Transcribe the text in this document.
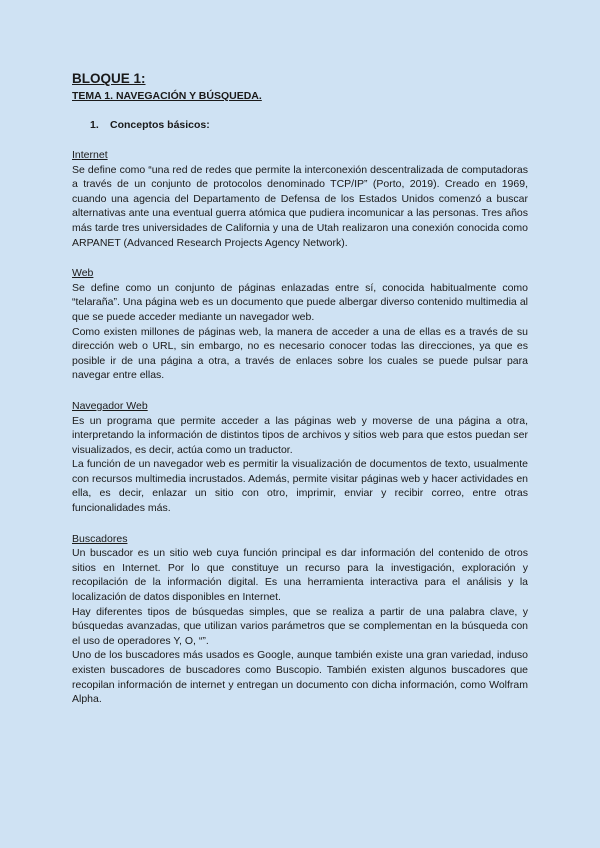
BLOQUE 1:
TEMA 1. NAVEGACIÓN Y BÚSQUEDA.
1. Conceptos básicos:
Internet

Se define como “una red de redes que permite la interconexión descentralizada de computadoras a través de un conjunto de protocolos denominado TCP/IP” (Porto, 2019). Creado en 1969, cuando una agencia del Departamento de Defensa de los Estados Unidos comenzó a buscar alternativas ante una eventual guerra atómica que pudiera incomunicar a las personas. Tres años más tarde tres universidades de California y una de Utah realizaron una conexión conocida como ARPANET (Advanced Research Projects Agency Network).

Web

Se define como un conjunto de páginas enlazadas entre sí, conocida habitualmente como “telaraña”. Una página web es un documento que puede albergar diverso contenido multimedia al que se puede acceder mediante un navegador web.

Como existen millones de páginas web, la manera de acceder a una de ellas es a través de su dirección web o URL, sin embargo, no es necesario conocer todas las direcciones, ya que es posible ir de una página a otra, a través de enlaces sobre los cuales se puede pulsar para navegar entre ellas.

Navegador Web

Es un programa que permite acceder a las páginas web y moverse de una página a otra, interpretando la información de distintos tipos de archivos y sitios web para que estos puedan ser visualizados, es decir, actúa como un traductor.

La función de un navegador web es permitir la visualización de documentos de texto, usualmente con recursos multimedia incrustados. Además, permite visitar páginas web y hacer actividades en ella, es decir, enlazar un sitio con otro, imprimir, enviar y recibir correo, entre otras funcionalidades más.

Buscadores

Un buscador es un sitio web cuya función principal es dar información del contenido de otros sitios en Internet. Por lo que constituye un recurso para la investigación, exploración y recopilación de la información digital. Es una herramienta interactiva para el análisis y la localización de datos disponibles en Internet.

Hay diferentes tipos de búsquedas simples, que se realiza a partir de una palabra clave, y búsquedas avanzadas, que utilizan varios parámetros que se complementan en la búsqueda con el uso de operadores Y, O, “”.

Uno de los buscadores más usados es Google, aunque también existe una gran variedad, induso existen buscadores de buscadores como Buscopio. También existen algunos buscadores que recopilan información de internet y entregan un documento con dicha información, como Wolfram Alpha.
